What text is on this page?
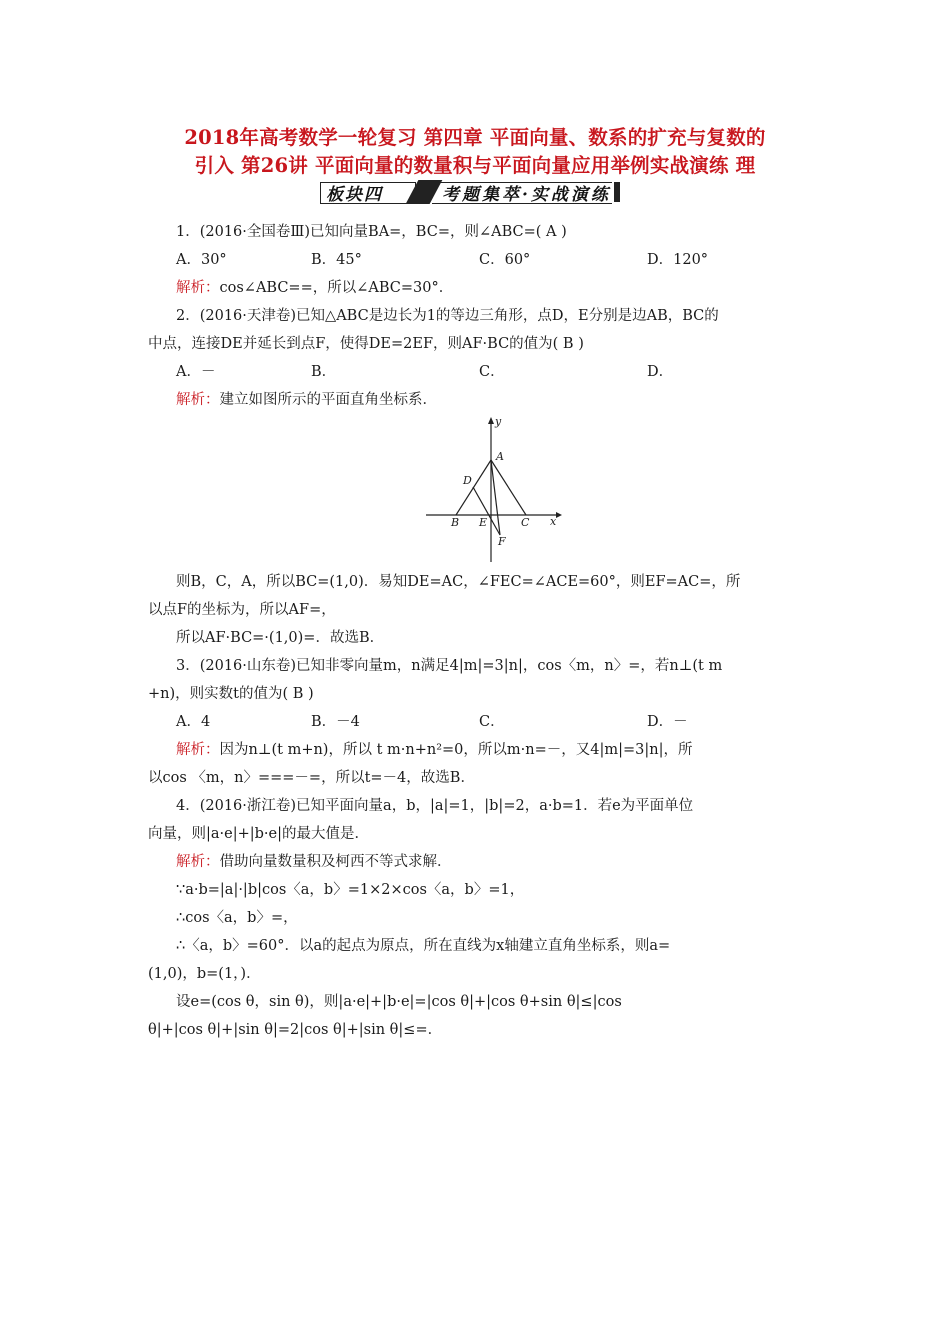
2018年高考数学一轮复习 第四章 平面向量、数系的扩充与复数的
引入 第26讲 平面向量的数量积与平面向量应用举例实战演练 理
板块四	考题集萃·实战演练
1．(2016·全国卷Ⅲ)已知向量BA=，BC=，则∠ABC=( A )
A．30°	B．45°	C．60°	D．120°
解析：cos∠ABC==，所以∠ABC=30°．
2．(2016·天津卷)已知△ABC是边长为1的等边三角形，点D，E分别是边AB，BC的
中点，连接DE并延长到点F，使得DE=2EF，则AF·BC的值为( B )
A．－	B．	C．	D．
解析：建立如图所示的平面直角坐标系．
y
x
A
D
B E	C
F
则B，C，A，所以BC=(1,0)．易知DE=AC，∠FEC=∠ACE=60°，则EF=AC=，所
以点F的坐标为，所以AF=，
所以AF·BC=·(1,0)=．故选B．
3．(2016·山东卷)已知非零向量m，n满足4|m|=3|n|，cos〈m，n〉=，若n⊥(t m
+n)，则实数t的值为( B )
A．4	B．－4	C．	D．－
解析：因为n⊥(t m+n)，所以 t m·n+n²=0，所以m·n=－，又4|m|=3|n|，所
以cos 〈m，n〉===－=，所以t=－4，故选B．
4．(2016·浙江卷)已知平面向量a，b，|a|=1，|b|=2，a·b=1．若e为平面单位
向量，则|a·e|+|b·e|的最大值是．
解析：借助向量数量积及柯西不等式求解．
∵a·b=|a|·|b|cos〈a，b〉=1×2×cos〈a，b〉=1，
∴cos〈a，b〉=，
∴〈a，b〉=60°．以a的起点为原点，所在直线为x轴建立直角坐标系，则a=
(1,0)，b=(1，)．
设e=(cos θ，sin θ)，则|a·e|+|b·e|=|cos θ|+|cos θ+sin θ|≤|cos
θ|+|cos θ|+|sin θ|=2|cos θ|+|sin θ|≤=．
